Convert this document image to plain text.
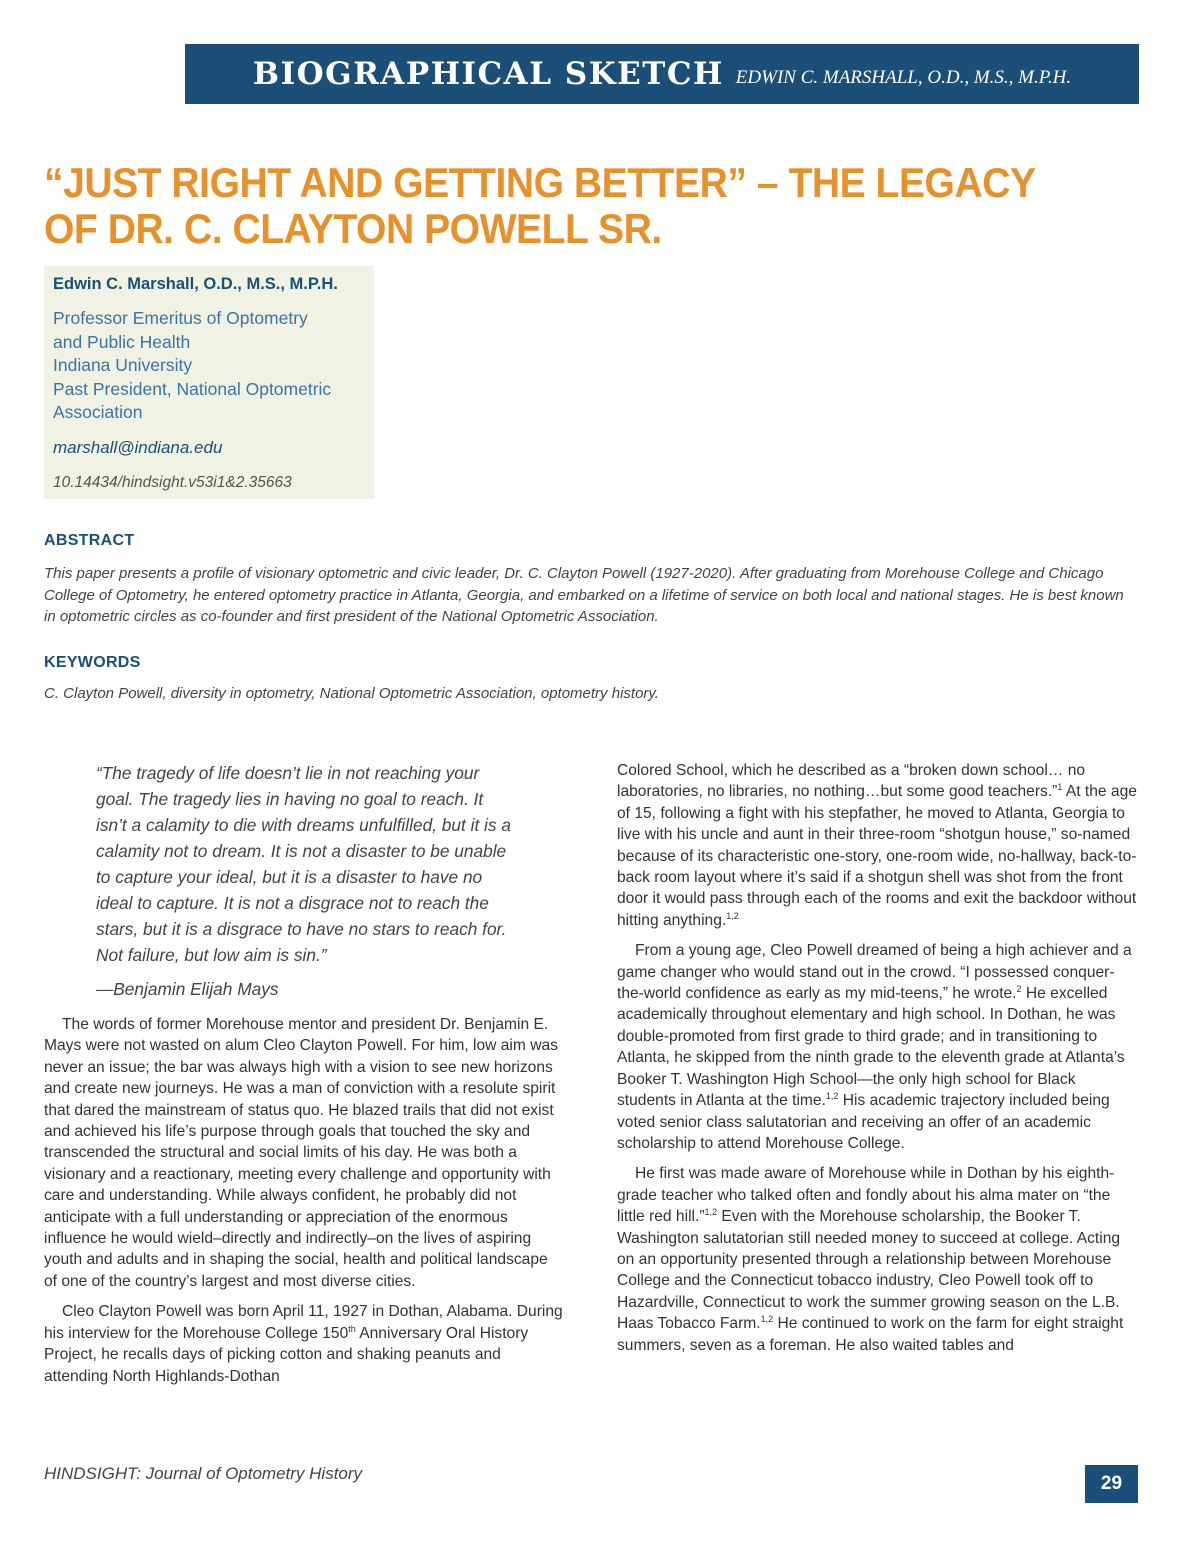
BIOGRAPHICAL SKETCH EDWIN C. MARSHALL, O.D., M.S., M.P.H.
“JUST RIGHT AND GETTING BETTER” – THE LEGACY OF DR. C. CLAYTON POWELL SR.
Edwin C. Marshall, O.D., M.S., M.P.H.
Professor Emeritus of Optometry
and Public Health
Indiana University
Past President, National Optometric
Association
marshall@indiana.edu
10.14434/hindsight.v53i1&2.35663
ABSTRACT
This paper presents a profile of visionary optometric and civic leader, Dr. C. Clayton Powell (1927-2020). After graduating from Morehouse College and Chicago College of Optometry, he entered optometry practice in Atlanta, Georgia, and embarked on a lifetime of service on both local and national stages. He is best known in optometric circles as co-founder and first president of the National Optometric Association.
KEYWORDS
C. Clayton Powell, diversity in optometry, National Optometric Association, optometry history.
“The tragedy of life doesn’t lie in not reaching your goal. The tragedy lies in having no goal to reach. It isn’t a calamity to die with dreams unfulfilled, but it is a calamity not to dream. It is not a disaster to be unable to capture your ideal, but it is a disaster to have no ideal to capture. It is not a disgrace not to reach the stars, but it is a disgrace to have no stars to reach for. Not failure, but low aim is sin.”
—Benjamin Elijah Mays

The words of former Morehouse mentor and president Dr. Benjamin E. Mays were not wasted on alum Cleo Clayton Powell. For him, low aim was never an issue; the bar was always high with a vision to see new horizons and create new journeys. He was a man of conviction with a resolute spirit that dared the mainstream of status quo. He blazed trails that did not exist and achieved his life’s purpose through goals that touched the sky and transcended the structural and social limits of his day. He was both a visionary and a reactionary, meeting every challenge and opportunity with care and understanding. While always confident, he probably did not anticipate with a full understanding or appreciation of the enormous influence he would wield–directly and indirectly–on the lives of aspiring youth and adults and in shaping the social, health and political landscape of one of the country’s largest and most diverse cities.

Cleo Clayton Powell was born April 11, 1927 in Dothan, Alabama. During his interview for the Morehouse College 150th Anniversary Oral History Project, he recalls days of picking cotton and shaking peanuts and attending North Highlands-Dothan

Colored School, which he described as a “broken down school… no laboratories, no libraries, no nothing…but some good teachers.”$^1$ At the age of 15, following a fight with his stepfather, he moved to Atlanta, Georgia to live with his uncle and aunt in their three-room “shotgun house,” so-named because of its characteristic one-story, one-room wide, no-hallway, back-to-back room layout where it’s said if a shotgun shell was shot from the front door it would pass through each of the rooms and exit the backdoor without hitting anything.$^{1,2}$

From a young age, Cleo Powell dreamed of being a high achiever and a game changer who would stand out in the crowd. “I possessed conquer-the-world confidence as early as my mid-teens,” he wrote.$^2$ He excelled academically throughout elementary and high school. In Dothan, he was double-promoted from first grade to third grade; and in transitioning to Atlanta, he skipped from the ninth grade to the eleventh grade at Atlanta’s Booker T. Washington High School—the only high school for Black students in Atlanta at the time.$^{1,2}$ His academic trajectory included being voted senior class salutatorian and receiving an offer of an academic scholarship to attend Morehouse College.

He first was made aware of Morehouse while in Dothan by his eighth-grade teacher who talked often and fondly about his alma mater on “the little red hill.”$^{1,2}$ Even with the Morehouse scholarship, the Booker T. Washington salutatorian still needed money to succeed at college. Acting on an opportunity presented through a relationship between Morehouse College and the Connecticut tobacco industry, Cleo Powell took off to Hazardville, Connecticut to work the summer growing season on the L.B. Haas Tobacco Farm.$^{1,2}$ He continued to work on the farm for eight straight summers, seven as a foreman. He also waited tables and

HINDSIGHT: Journal of Optometry History	29
